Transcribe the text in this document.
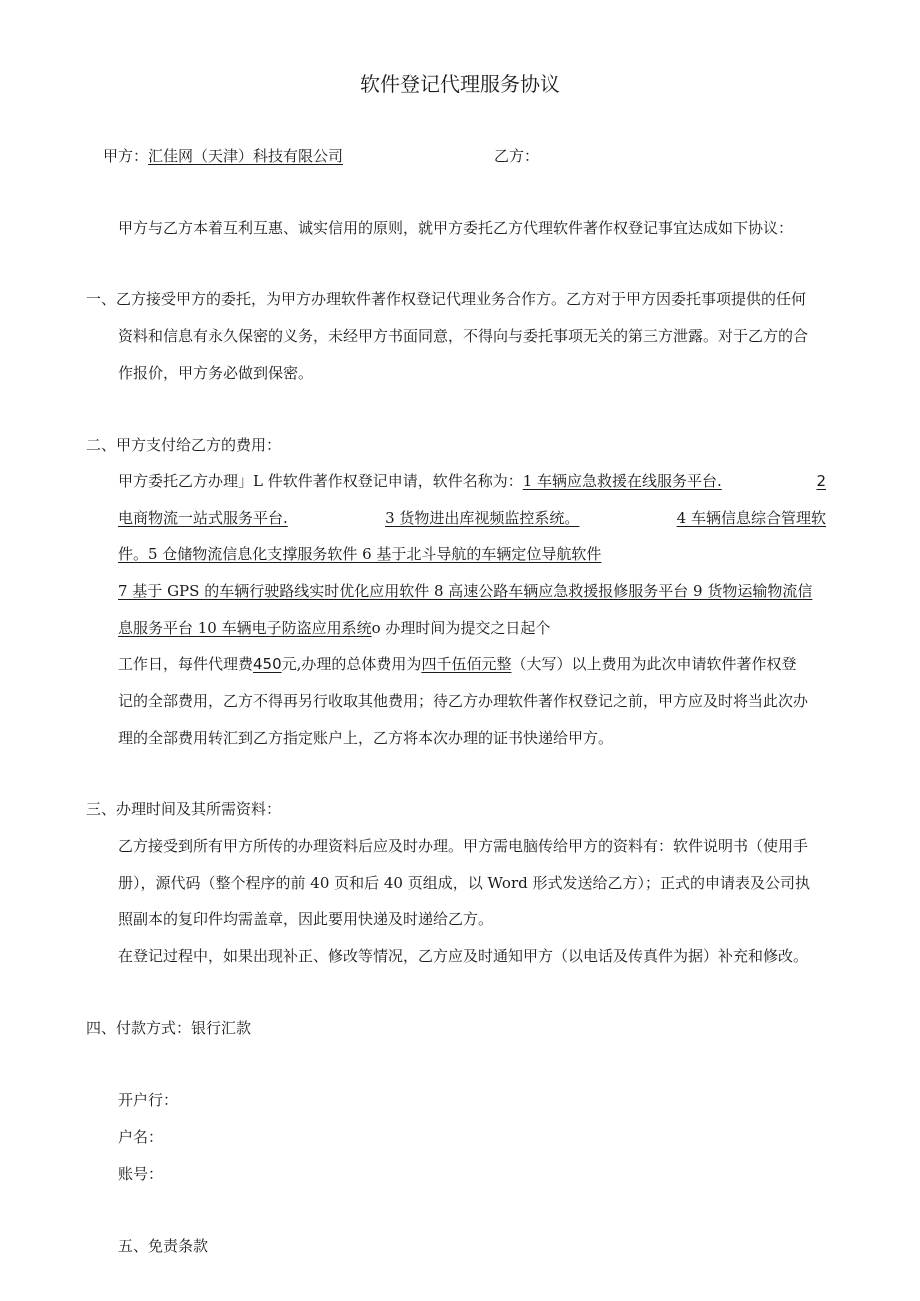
软件登记代理服务协议
甲方：汇佳网（天津）科技有限公司	乙方：
甲方与乙方本着互利互惠、诚实信用的原则，就甲方委托乙方代理软件著作权登记事宜达成如下协议：
一、乙方接受甲方的委托，为甲方办理软件著作权登记代理业务合作方。乙方对于甲方因委托事项提供的任何
资料和信息有永久保密的义务，未经甲方书面同意，不得向与委托事项无关的第三方泄露。对于乙方的合
作报价，甲方务必做到保密。
二、甲方支付给乙方的费用：
甲方委托乙方办理」L 件软件著作权登记申请，软件名称为：1 车辆应急救援在线服务平台.	2
电商物流一站式服务平台.	3 货物进出库视频监控系统。	4 车辆信息综合管理软
件。5 仓储物流信息化支撑服务软件 6 基于北斗导航的车辆定位导航软件
7 基于 GPS 的车辆行驶路线实时优化应用软件 8 高速公路车辆应急救援报修服务平台 9 货物运输物流信
息服务平台 10 车辆电子防盗应用系统o 办理时间为提交之日起个
工作日，每件代理费450元,办理的总体费用为四千伍佰元整（大写）以上费用为此次申请软件著作权登
记的全部费用，乙方不得再另行收取其他费用；待乙方办理软件著作权登记之前，甲方应及时将当此次办
理的全部费用转汇到乙方指定账户上，乙方将本次办理的证书快递给甲方。
三、办理时间及其所需资料：
乙方接受到所有甲方所传的办理资料后应及时办理。甲方需电脑传给甲方的资料有：软件说明书（使用手
册），源代码（整个程序的前 40 页和后 40 页组成，以 Word 形式发送给乙方）；正式的申请表及公司执
照副本的复印件均需盖章，因此要用快递及时递给乙方。
在登记过程中，如果出现补正、修改等情况，乙方应及时通知甲方（以电话及传真件为据）补充和修改。
四、付款方式：银行汇款
开户行：
户名：
账号：
五、免责条款
